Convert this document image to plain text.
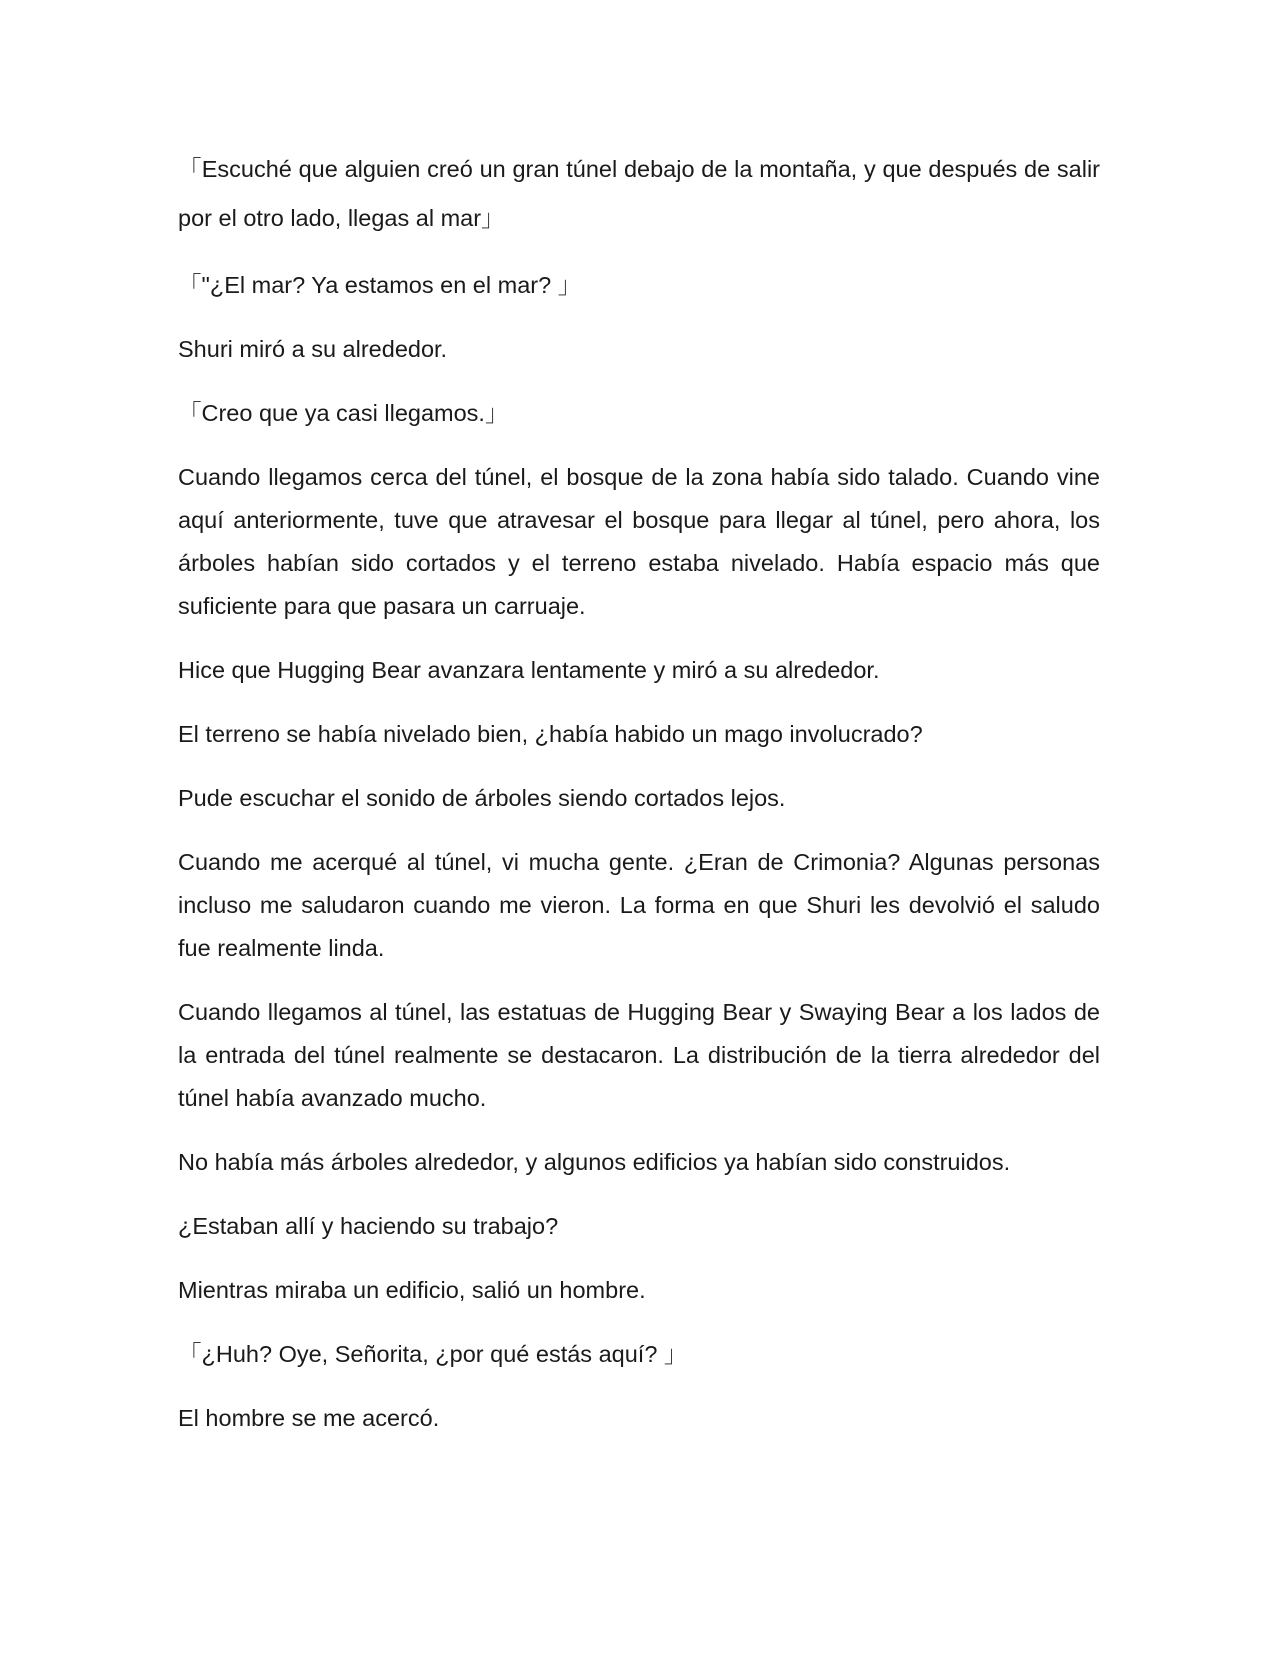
「Escuché que alguien creó un gran túnel debajo de la montaña, y que después de salir por el otro lado, llegas al mar」

「"¿El mar? Ya estamos en el mar? 」

Shuri miró a su alrededor.

「Creo que ya casi llegamos.」

Cuando llegamos cerca del túnel, el bosque de la zona había sido talado. Cuando vine aquí anteriormente, tuve que atravesar el bosque para llegar al túnel, pero ahora, los árboles habían sido cortados y el terreno estaba nivelado. Había espacio más que suficiente para que pasara un carruaje.

Hice que Hugging Bear avanzara lentamente y miró a su alrededor.

El terreno se había nivelado bien, ¿había habido un mago involucrado?

Pude escuchar el sonido de árboles siendo cortados lejos.

Cuando me acerqué al túnel, vi mucha gente. ¿Eran de Crimonia? Algunas personas incluso me saludaron cuando me vieron. La forma en que Shuri les devolvió el saludo fue realmente linda.

Cuando llegamos al túnel, las estatuas de Hugging Bear y Swaying Bear a los lados de la entrada del túnel realmente se destacaron. La distribución de la tierra alrededor del túnel había avanzado mucho.

No había más árboles alrededor, y algunos edificios ya habían sido construidos.

¿Estaban allí y haciendo su trabajo?

Mientras miraba un edificio, salió un hombre.

「¿Huh? Oye, Señorita, ¿por qué estás aquí? 」

El hombre se me acercó.
